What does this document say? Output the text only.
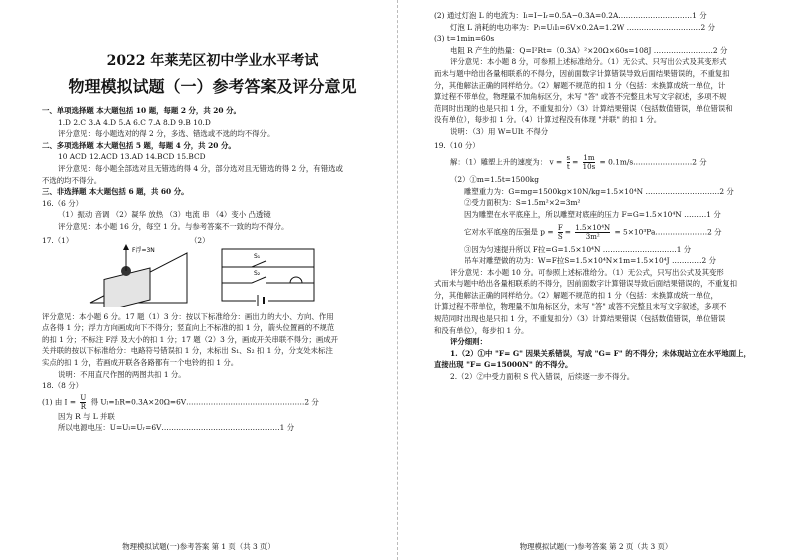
2022 年莱芜区初中学业水平考试
物理模拟试题（一）参考答案及评分意见
一、单项选择题 本大题包括 10 题，每题 2 分，共 20 分。
1.D 2.C 3.A 4.D 5.A 6.C 7.A 8.D 9.B 10.D
评分意见：每小题选对的得 2 分，多选、错选或不选的均不得分。
二、多项选择题 本大题包括 5 题，每题 4 分，共 20 分。
10 ACD 12.ACD 13.AD 14.BCD 15.BCD
评分意见：每小题全部选对且无错选的得 4 分，部分选对且无错选的得 2 分，有错选或
不选的均不得分。
三、非选择题 本大题包括 6 题，共 60 分。
16.（6 分）
（1）振动 音调 （2）凝华 放热 （3）电流 串 （4）变小 凸透镜
评分意见：本小题 16 分，每空 1 分。与参考答案不一致的均不得分。
17.（1）	（2）
F浮=3N
S₁
S₂
评分意见：本小题 6 分。17 题（1）3 分：按以下标准给分：画出力的大小、方向、作用
点各得 1 分；浮力方向画成向下不得分；竖直向上不标准的扣 1 分，箭头位置画的不规范
的扣 1 分；不标注 F浮 及大小的扣 1 分；17 题（2）3 分，画成开关串联不得分；画成开
关并联的按以下标准给分：电路符号错误扣 1 分，未标出 S₁、S₂ 扣 1 分，分支处未标注
实点的扣 1 分，若画成开联各各路都有一个电铃的扣 1 分。
说明：不用直尺作图的两图共扣 1 分。
18.（8 分）
(1) 由 $I = \frac{U}{R}$ 得 Uₗ=IₗR=0.3A×20Ω=6V…………………………………………2 分
因为 R 与 L 并联
所以电源电压：U=Uₗ=Uᵣ=6V…………………………………………1 分
物理模拟试题(一)参考答案 第 1 页（共 3 页）
(2) 通过灯泡 L 的电流为：Iₗ=I−Iᵣ=0.5A−0.3A=0.2A…………………………1 分
灯泡 L 消耗的电功率为：Pₗ=UₗIₗ=6V×0.2A=1.2W …………………………2 分
(3) t=1min=60s
电阻 R 产生的热量：Q=I²Rt=（0.3A）²×20Ω×60s=108J ……………………2 分
评分意见：本小题 8 分，可参照上述标准给分。（1）无公式、只写出公式及其变形式
而未与题中给出各量相联系的不得分，因前面数字计算错误导致后面结果错误的，不重复扣
分，其他解法正确的同样给分。（2）解题不规范的扣 1 分（包括：未换算成统一单位，计
算过程不带单位，物理量不加角标区分，未写 "答" 或答不完整且未写文字叙述，多项不规
范同时出现的也是只扣 1 分，不重复扣分）（3）计算结果错误（包括数值错误，单位错误和
没有单位），每步扣 1 分。（4）计算过程没有体现 "并联" 的扣 1 分。
说明：（3）用 W=UIt 不得分
19.（10 分）
解：（1）雕塑上升的速度为： $v = \frac{s}{t} = \frac{1m}{10s}$ = 0.1m/s……………………2 分
（2）①m=1.5t=1500kg
雕塑重力为：G=mg=1500kg×10N/kg=1.5×10⁴N …………………………2 分
②受力面积为：S=1.5m²×2=3m²
因为雕塑在水平底座上，所以雕塑对底座的压力 F=G=1.5×10⁴N ………1 分
它对水平底座的压强是 $p = \frac{F}{S} = \frac{\text{1.5×10⁴N}}{\text{3m²}}$ = 5×10³Pa…………………2 分
③因为匀速提升所以 F拉=G=1.5×10⁴N …………………………1 分
吊车对雕塑做的功为：W=F拉S=1.5×10⁴N×1m=1.5×10⁴J …………2 分
评分意见：本小题 10 分。可参照上述标准给分。（1）无公式，只写出公式及其变形
式而未与题中给出各量相联系的不得分，因前面数字计算错误导致后面结果错误的，不重复扣
分，其他解法正确的同样给分。（2）解题不规范的扣 1 分（包括：未换算成统一单位，
计算过程不带单位，物理量不加角标区分，未写 "答" 或答不完整且未写文字叙述，多项不
规范同时出现也是只扣 1 分，不重复扣分）（3）计算结果错误（包括数值错误，单位错误
和没有单位），每步扣 1 分。
评分细则：
1.（2）①中 "F= G" 因果关系错误，写成 "G= F" 的不得分；未体现站立在水平地面上，
直接出现 "F= G=15000N" 的不得分。
2.（2）②中受力面积 S 代入错误，后续逐一步不得分。
物理模拟试题(一)参考答案 第 2 页（共 3 页）
